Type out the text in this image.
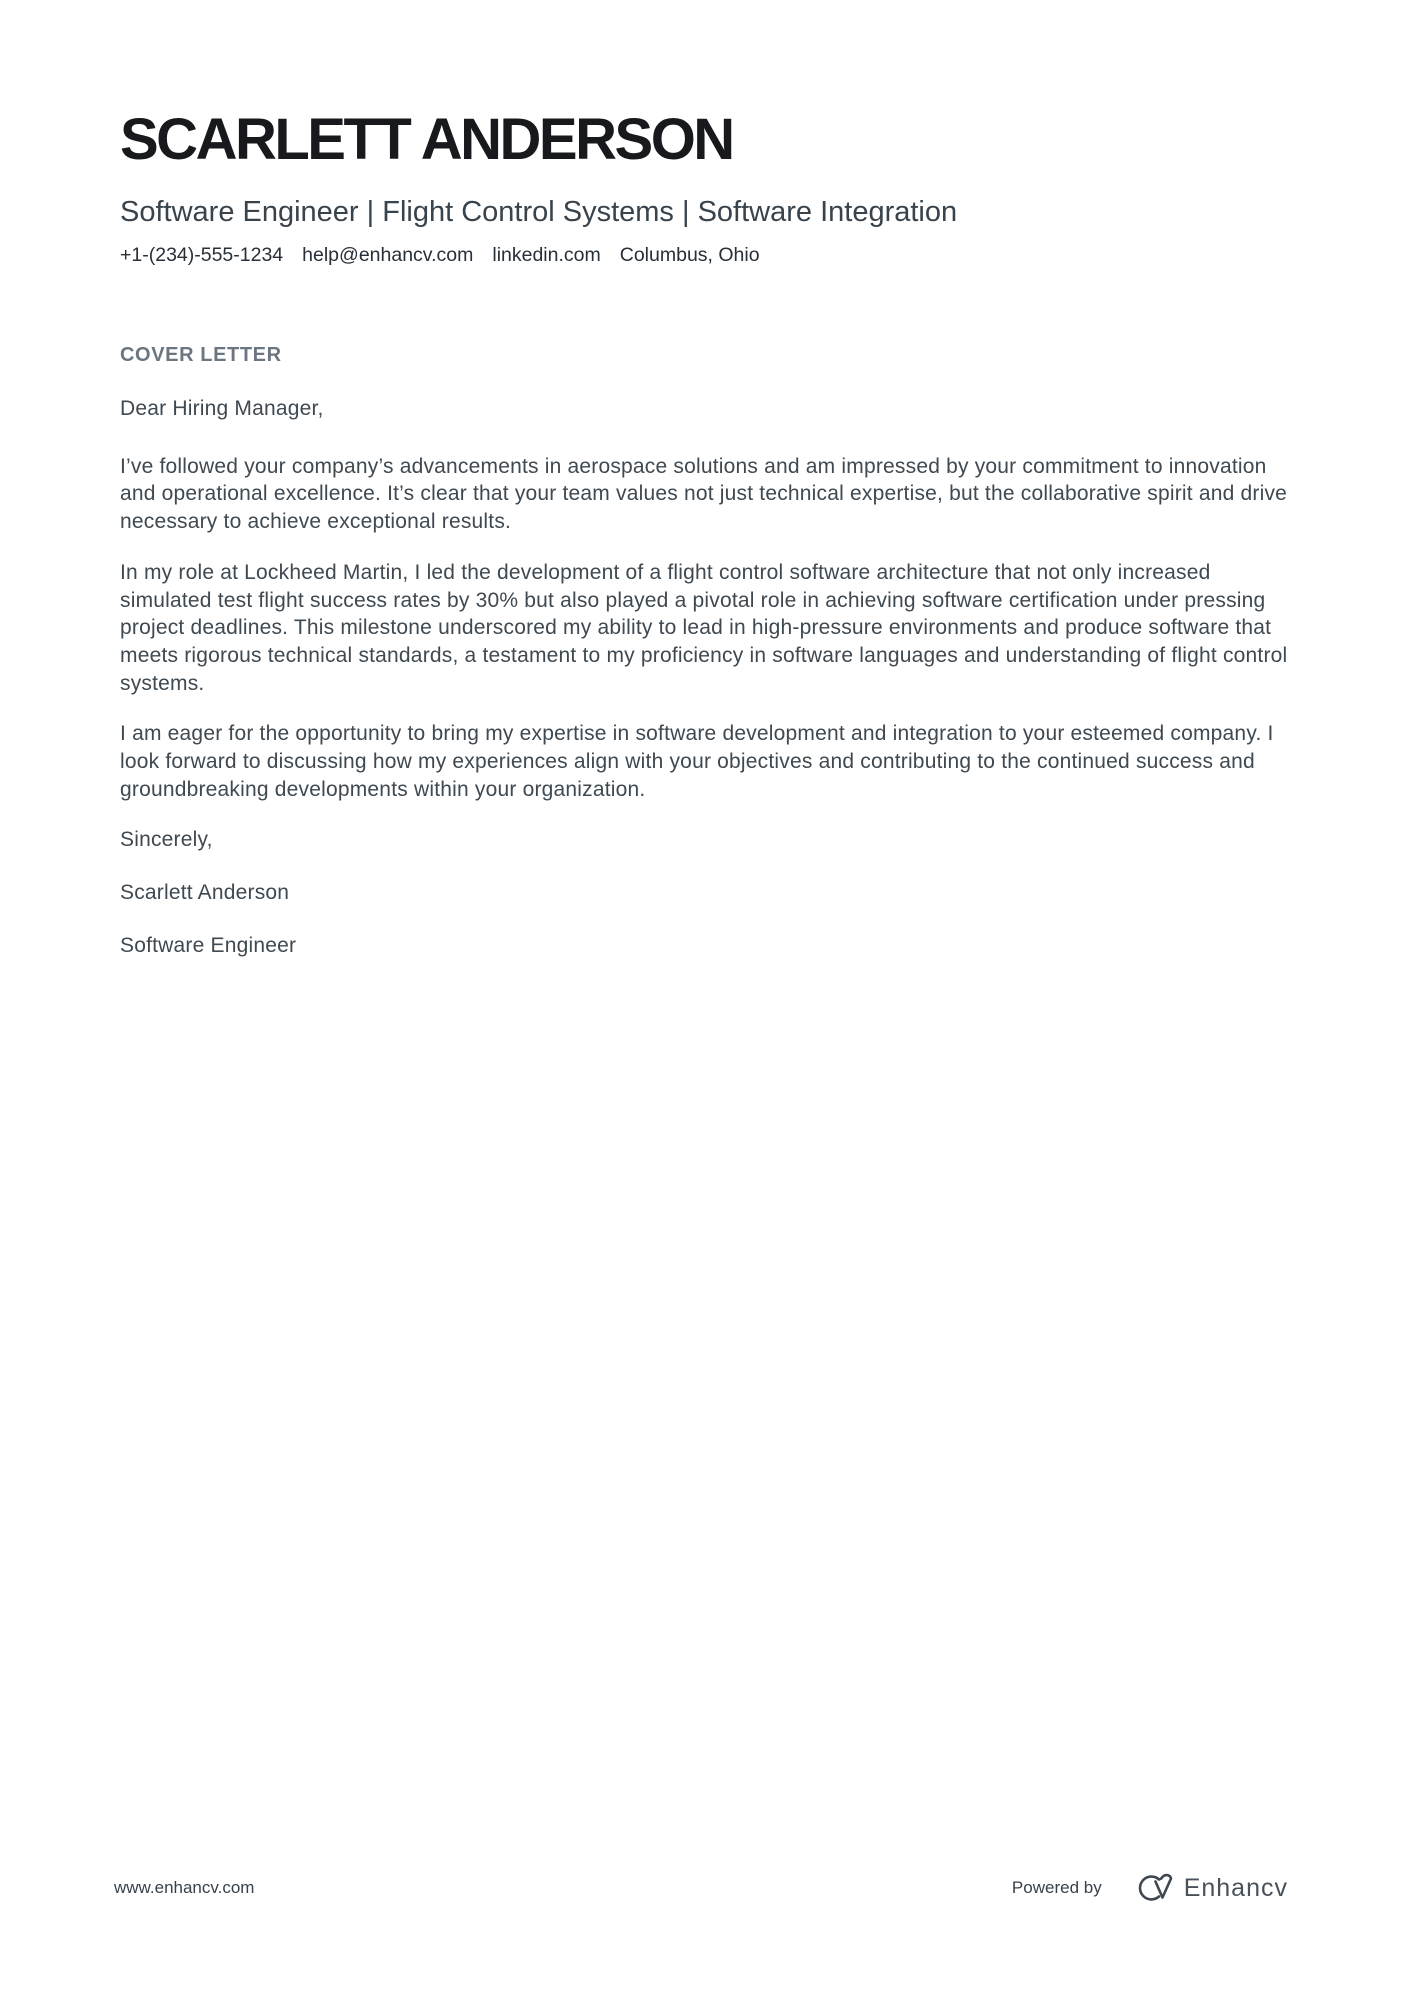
SCARLETT ANDERSON
Software Engineer | Flight Control Systems | Software Integration
+1-(234)-555-1234 help@enhancv.com linkedin.com Columbus, Ohio
COVER LETTER

Dear Hiring Manager,

I’ve followed your company’s advancements in aerospace solutions and am impressed by your commitment to innovation and operational excellence. It’s clear that your team values not just technical expertise, but the collaborative spirit and drive necessary to achieve exceptional results.

In my role at Lockheed Martin, I led the development of a flight control software architecture that not only increased simulated test flight success rates by 30% but also played a pivotal role in achieving software certification under pressing project deadlines. This milestone underscored my ability to lead in high-pressure environments and produce software that meets rigorous technical standards, a testament to my proficiency in software languages and understanding of flight control systems.

I am eager for the opportunity to bring my expertise in software development and integration to your esteemed company. I look forward to discussing how my experiences align with your objectives and contributing to the continued success and groundbreaking developments within your organization.

Sincerely,

Scarlett Anderson

Software Engineer

www.enhancv.com	Powered by	Enhancv
